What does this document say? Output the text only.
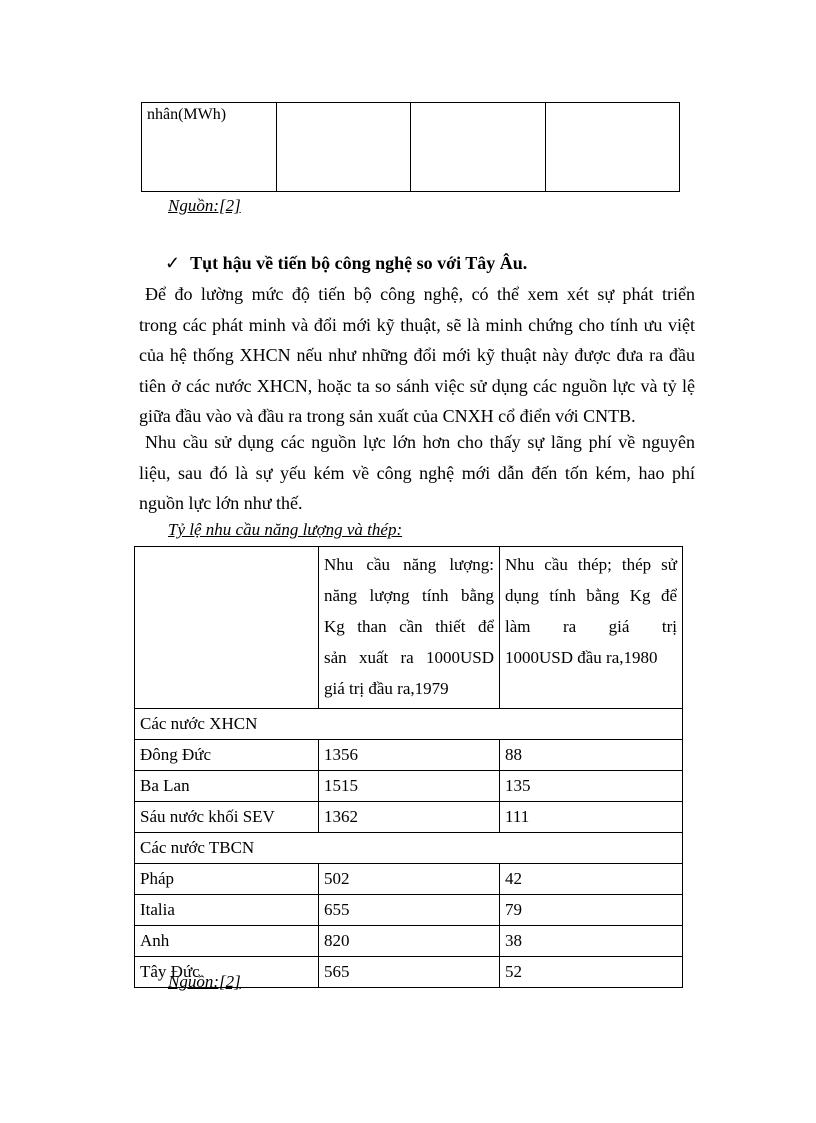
nhân(MWh)			
Nguồn:[2]
✓ Tụt hậu về tiến bộ công nghệ so với Tây Âu.

Để đo lường mức độ tiến bộ công nghệ, có thể xem xét sự phát triển
trong các phát minh và đổi mới kỹ thuật, sẽ là minh chứng cho tính ưu việt
của hệ thống XHCN nếu như những đổi mới kỹ thuật này được đưa ra đầu
tiên ở các nước XHCN, hoặc ta so sánh việc sử dụng các nguồn lực và tỷ lệ
giữa đầu vào và đầu ra trong sản xuất của CNXH cổ điển với CNTB.

Nhu cầu sử dụng các nguồn lực lớn hơn cho thấy sự lãng phí về nguyên
liệu, sau đó là sự yếu kém về công nghệ mới dẫn đến tốn kém, hao phí
nguồn lực lớn như thế.

Tỷ lệ nhu cầu năng lượng và thép:

	Nhu cầu năng lượng:
năng lượng tính bằng
Kg than cần thiết để
sản xuất ra 1000USD
giá trị đầu ra,1979	Nhu cầu thép; thép sử
dụng tính bằng Kg để
làm ra giá trị
1000USD đầu ra,1980

Các nước XHCN		
Đông Đức	1356	88
Ba Lan	1515	135
Sáu nước khối SEV	1362	111
Các nước TBCN		
Pháp	502	42
Italia	655	79
Anh	820	38
Tây Đức	565	52
Nguồn:[2]
